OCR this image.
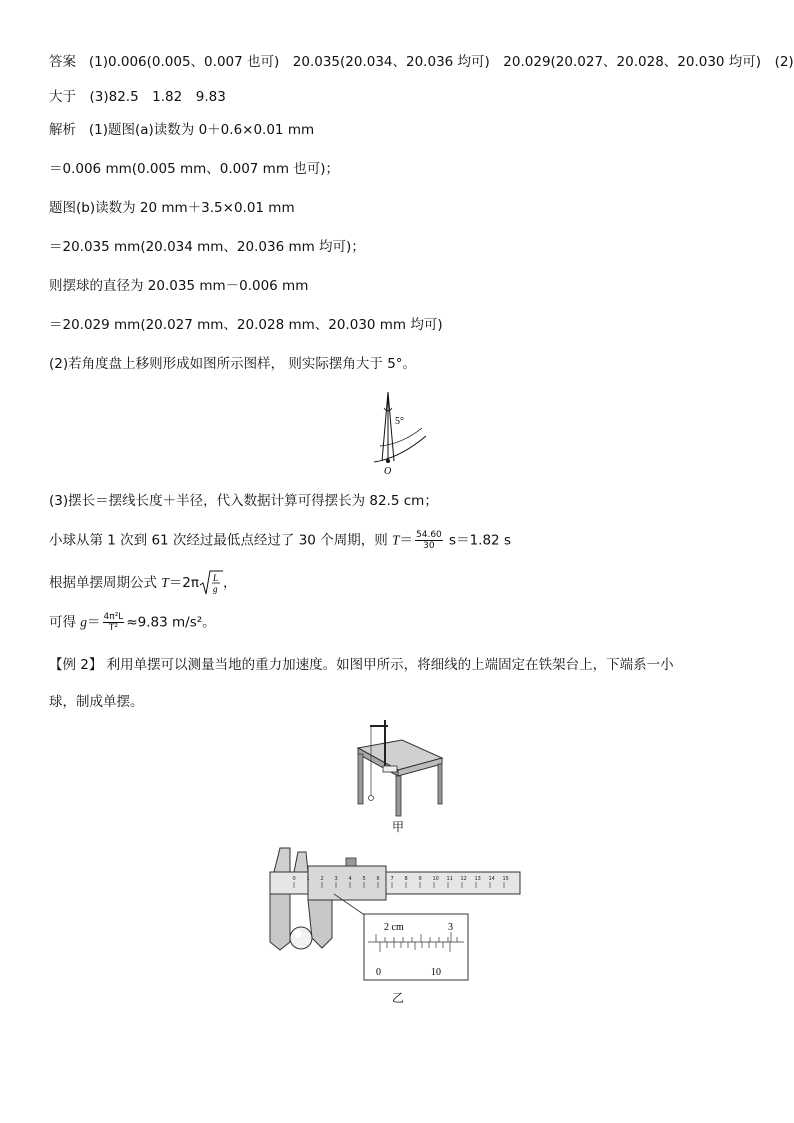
答案 (1)0.006(0.005、0.007 也可)　20.035(20.034、20.036 均可)　20.029(20.027、20.028、20.030 均可)　(2)
大于　(3)82.5　1.82　9.83
解析 (1)题图(a)读数为 0＋0.6×0.01 mm
＝0.006 mm(0.005 mm、0.007 mm 也可)；
题图(b)读数为 20 mm＋3.5×0.01 mm
＝20.035 mm(20.034 mm、20.036 mm 均可)；
则摆球的直径为 20.035 mm－0.006 mm
＝20.029 mm(20.027 mm、20.028 mm、20.030 mm 均可)
(2)若角度盘上移则形成如图所示图样， 则实际摆角大于 5°。
5°
O
(3)摆长＝摆线长度＋半径，代入数据计算可得摆长为 82.5 cm；
小球从第 1 次到 61 次经过最低点经过了 30 个周期，则 $T= \frac{54.60}{30} s=1.82$ s
根据单摆周期公式 T＝2π L
g ，
可得 $g= \frac{\text{4π²L}}{\text{T²}} \approx 9.83$ m/s²。
【例 2】 利用单摆可以测量当地的重力加速度。如图甲所示，将细线的上端固定在铁架台上，下端系一小
球，制成单摆。
甲
0 1 2 3 4 5 6 7 8 9 10 11 12 13 14 15
2 cm	3
0	10
乙
